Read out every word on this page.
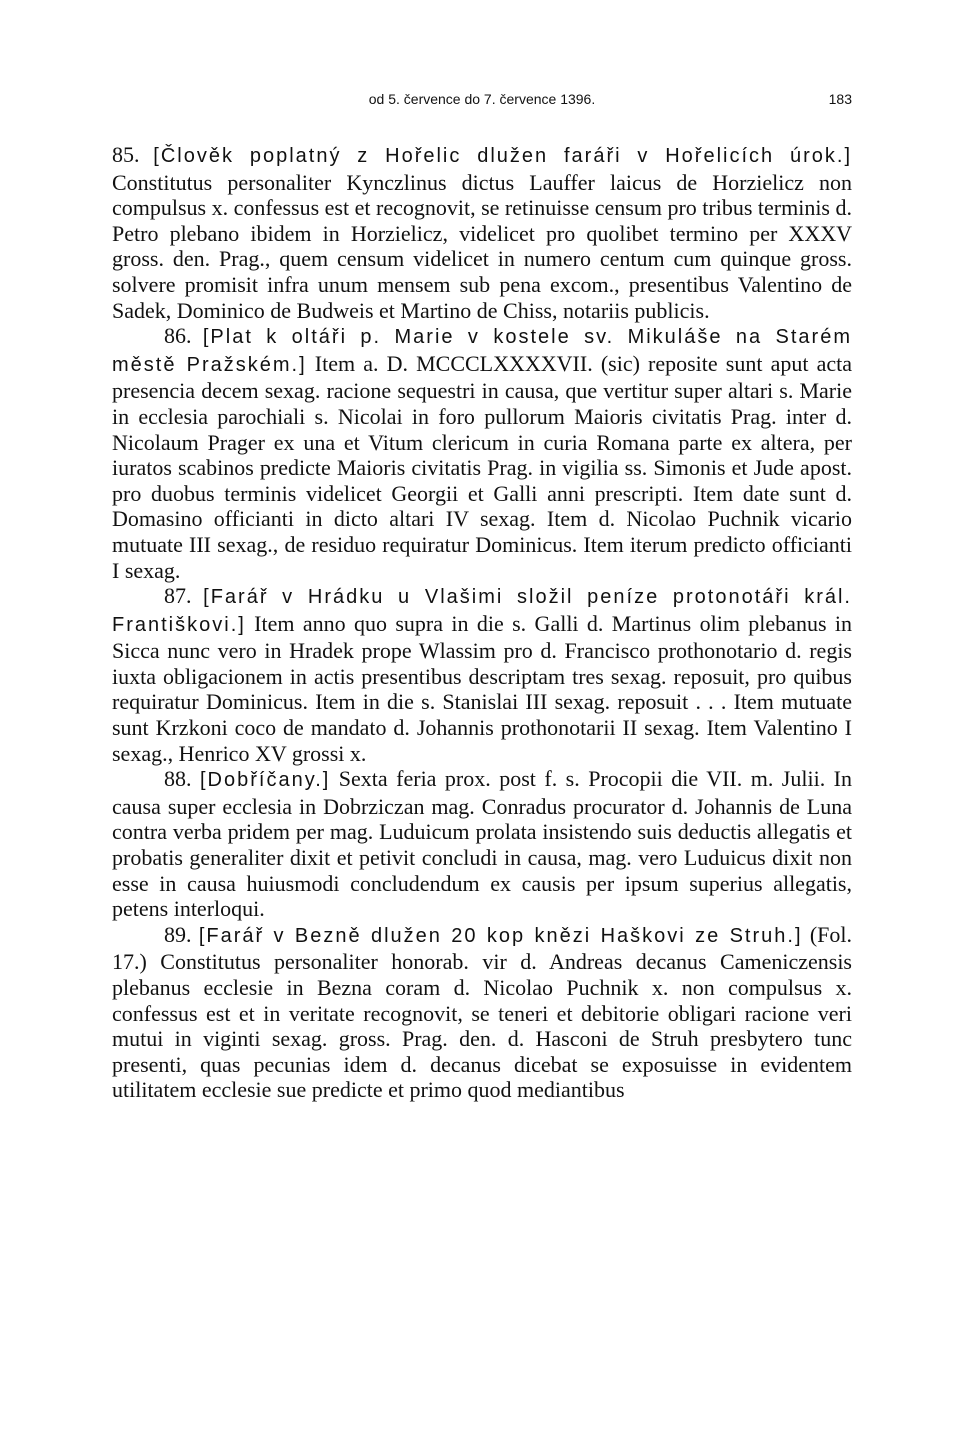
od 5. července do 7. července 1396.	183

85. [Člověk poplatný z Hořelic dlužen faráři v Hořelicích úrok.] Constitutus personaliter Kynczlinus dictus Lauffer laicus de Horzielicz non compulsus x. confessus est et recognovit, se retinuisse censum pro tribus terminis d. Petro plebano ibidem in Horzielicz, videlicet pro quolibet termino per XXXV gross. den. Prag., quem censum videlicet in numero centum cum quinque gross. solvere promisit infra unum mensem sub pena excom., presentibus Valentino de Sadek, Dominico de Budweis et Martino de Chiss, notariis publicis.

86. [Plat k oltáři p. Marie v kostele sv. Mikuláše na Starém městě Pražském.] Item a. D. MCCCLXXXXVII. (sic) reposite sunt aput acta presencia decem sexag. racione sequestri in causa, que vertitur super altari s. Marie in ecclesia parochiali s. Nicolai in foro pullorum Maioris civitatis Prag. inter d. Nicolaum Prager ex una et Vitum clericum in curia Romana parte ex altera, per iuratos scabinos predicte Maioris civitatis Prag. in vigilia ss. Simonis et Jude apost. pro duobus terminis videlicet Georgii et Galli anni prescripti. Item date sunt d. Domasino officianti in dicto altari IV sexag. Item d. Nicolao Puchnik vicario mutuate III sexag., de residuo requiratur Dominicus. Item iterum predicto officianti I sexag.

87. [Farář v Hrádku u Vlašimi složil peníze protonotáři král. Františkovi.] Item anno quo supra in die s. Galli d. Martinus olim plebanus in Sicca nunc vero in Hradek prope Wlassim pro d. Francisco prothonotario d. regis iuxta obligacionem in actis presentibus descriptam tres sexag. reposuit, pro quibus requiratur Dominicus. Item in die s. Stanislai III sexag. reposuit . . . Item mutuate sunt Krzkoni coco de mandato d. Johannis prothonotarii II sexag. Item Valentino I sexag., Henrico XV grossi x.

88. [Dobříčany.] Sexta feria prox. post f. s. Procopii die VII. m. Julii. In causa super ecclesia in Dobrziczan mag. Conradus procurator d. Johannis de Luna contra verba pridem per mag. Luduicum prolata insistendo suis deductis allegatis et probatis generaliter dixit et petivit concludi in causa, mag. vero Luduicus dixit non esse in causa huiusmodi concludendum ex causis per ipsum superius allegatis, petens interloqui.

89. [Farář v Bezně dlužen 20 kop knězi Haškovi ze Struh.] (Fol. 17.) Constitutus personaliter honorab. vir d. Andreas decanus Cameniczensis plebanus ecclesie in Bezna coram d. Nicolao Puchnik x. non compulsus x. confessus est et in veritate recognovit, se teneri et debitorie obligari racione veri mutui in viginti sexag. gross. Prag. den. d. Hasconi de Struh presbytero tunc presenti, quas pecunias idem d. decanus dicebat se exposuisse in evidentem utilitatem ecclesie sue predicte et primo quod mediantibus
